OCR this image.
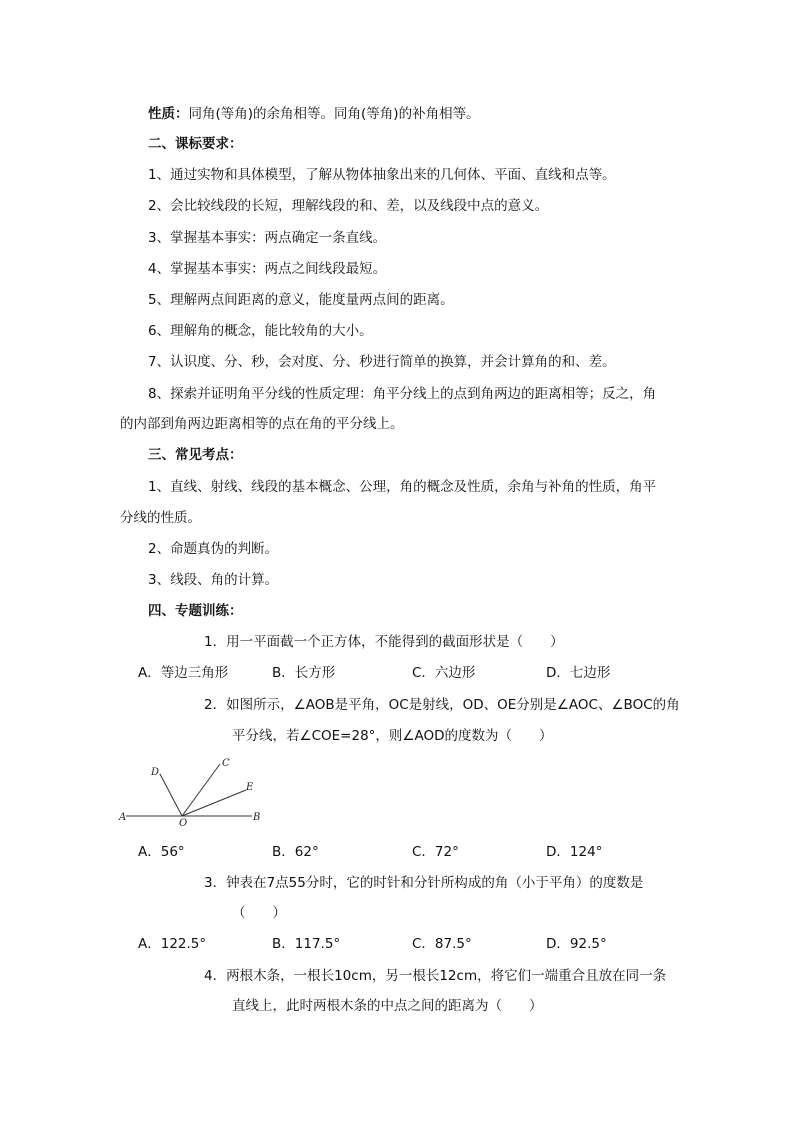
性质：同角(等角)的余角相等。同角(等角)的补角相等。
二、课标要求：
1、通过实物和具体模型，了解从物体抽象出来的几何体、平面、直线和点等。
2、会比较线段的长短，理解线段的和、差，以及线段中点的意义。
3、掌握基本事实：两点确定一条直线。
4、掌握基本事实：两点之间线段最短。
5、理解两点间距离的意义，能度量两点间的距离。
6、理解角的概念，能比较角的大小。
7、认识度、分、秒，会对度、分、秒进行简单的换算，并会计算角的和、差。
8、探索并证明角平分线的性质定理：角平分线上的点到角两边的距离相等；反之，角
的内部到角两边距离相等的点在角的平分线上。
三、常见考点：
1、直线、射线、线段的基本概念、公理，角的概念及性质，余角与补角的性质，角平
分线的性质。
2、命题真伪的判断。
3、线段、角的计算。
四、专题训练：
1．用一平面截一个正方体，不能得到的截面形状是（　　）
A．等边三角形	B．长方形	C．六边形	D．七边形
2．如图所示，∠AOB是平角，OC是射线，OD、OE分别是∠AOC、∠BOC的角
平分线，若∠COE=28°，则∠AOD的度数为（　　）
A
O
B
C
D
E
A．56°	B．62°	C．72°	D．124°
3．钟表在7点55分时，它的时针和分针所构成的角（小于平角）的度数是
（　　）
A．122.5°	B．117.5°	C．87.5°	D．92.5°
4．两根木条，一根长10cm，另一根长12cm，将它们一端重合且放在同一条
直线上，此时两根木条的中点之间的距离为（　　）
